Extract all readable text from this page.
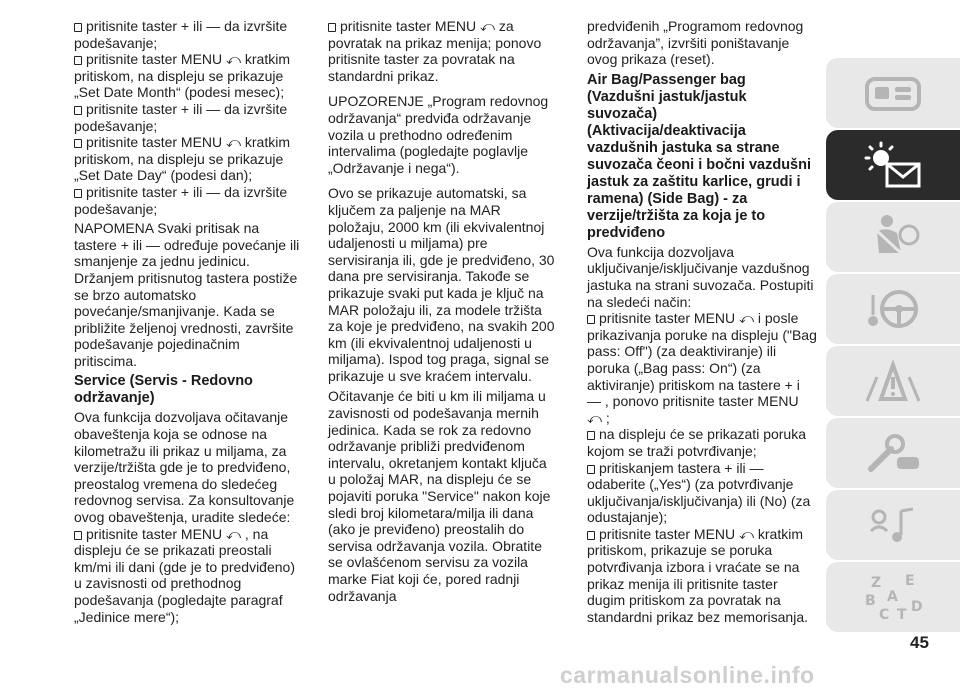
pritisnite taster + ili — da izvršite podešavanje;

pritisnite taster MENU ⤺ kratkim pritiskom, na displeju se prikazuje „Set Date Month“ (podesi mesec);

pritisnite taster + ili — da izvršite podešavanje;

pritisnite taster MENU ⤺ kratkim pritiskom, na displeju se prikazuje „Set Date Day“ (podesi dan);

pritisnite taster + ili — da izvršite podešavanje;

NAPOMENA Svaki pritisak na tastere + ili — određuje povećanje ili smanjenje za jednu jedinicu. Držanjem pritisnutog tastera postiže se brzo automatsko povećanje/smanjivanje. Kada se približite željenoj vrednosti, završite podešavanje pojedinačnim pritiscima.

Service (Servis - Redovno održavanje)

Ova funkcija dozvoljava očitavanje obaveštenja koja se odnose na kilometražu ili prikaz u miljama, za verzije/tržišta gde je to predviđeno, preostalog vremena do sledećeg redovnog servisa. Za konsultovanje ovog obaveštenja, uradite sledeće:

pritisnite taster MENU ⤺ , na displeju će se prikazati preostali km/mi ili dani (gde je to predviđeno) u zavisnosti od prethodnog podešavanja (pogledajte paragraf „Jedinice mere“);

pritisnite taster MENU ⤺ za povratak na prikaz menija; ponovo pritisnite taster za povratak na standardni prikaz.

UPOZORENJE „Program redovnog održavanja“ predviđa održavanje vozila u prethodno određenim intervalima (pogledajte poglavlje „Održavanje i nega“).

Ovo se prikazuje automatski, sa ključem za paljenje na MAR položaju, 2000 km (ili ekvivalentnoj udaljenosti u miljama) pre servisiranja ili, gde je predviđeno, 30 dana pre servisiranja. Takođe se prikazuje svaki put kada je ključ na MAR položaju ili, za modele tržišta za koje je predviđeno, na svakih 200 km (ili ekvivalentnoj udaljenosti u miljama). Ispod tog praga, signal se prikazuje u sve kraćem intervalu.

Očitavanje će biti u km ili miljama u zavisnosti od podešavanja mernih jedinica. Kada se rok za redovno održavanje približi predviđenom intervalu, okretanjem kontakt ključa u položaj MAR, na displeju će se pojaviti poruka "Service" nakon koje sledi broj kilometara/milja ili dana (ako je previđeno) preostalih do servisa održavanja vozila. Obratite se ovlašćenom servisu za vozila marke Fiat koji će, pored radnji održavanja

predviđenih „Programom redovnog održavanja”, izvršiti poništavanje ovog prikaza (reset).

Air Bag/Passenger bag (Vazdušni jastuk/jastuk suvozača) (Aktivacija/deaktivacija vazdušnih jastuka sa strane suvozača čeoni i bočni vazdušni jastuk za zaštitu karlice, grudi i ramena) (Side Bag) - za verzije/tržišta za koja je to predviđeno

Ova funkcija dozvoljava uključivanje/isključivanje vazdušnog jastuka na strani suvozača. Postupiti na sledeći način:

pritisnite taster MENU ⤺ i posle prikazivanja poruke na displeju ("Bag pass: Off") (za deaktiviranje) ili poruka („Bag pass: On“) (za aktiviranje) pritiskom na tastere + i — , ponovo pritisnite taster MENU ⤺ ;

na displeju će se prikazati poruka kojom se traži potvrđivanje;

pritiskanjem tastera + ili — odaberite („Yes“) (za potvrđivanje uključivanja/isključivanja) ili (No) (za odustajanje);

pritisnite taster MENU ⤺ kratkim pritiskom, prikazuje se poruka potvrđivanja izbora i vraćate se na prikaz menija ili pritisnite taster dugim pritiskom za povratak na standardni prikaz bez memorisanja.

Z E
B A
C T D
45
carmanualsonline.info
